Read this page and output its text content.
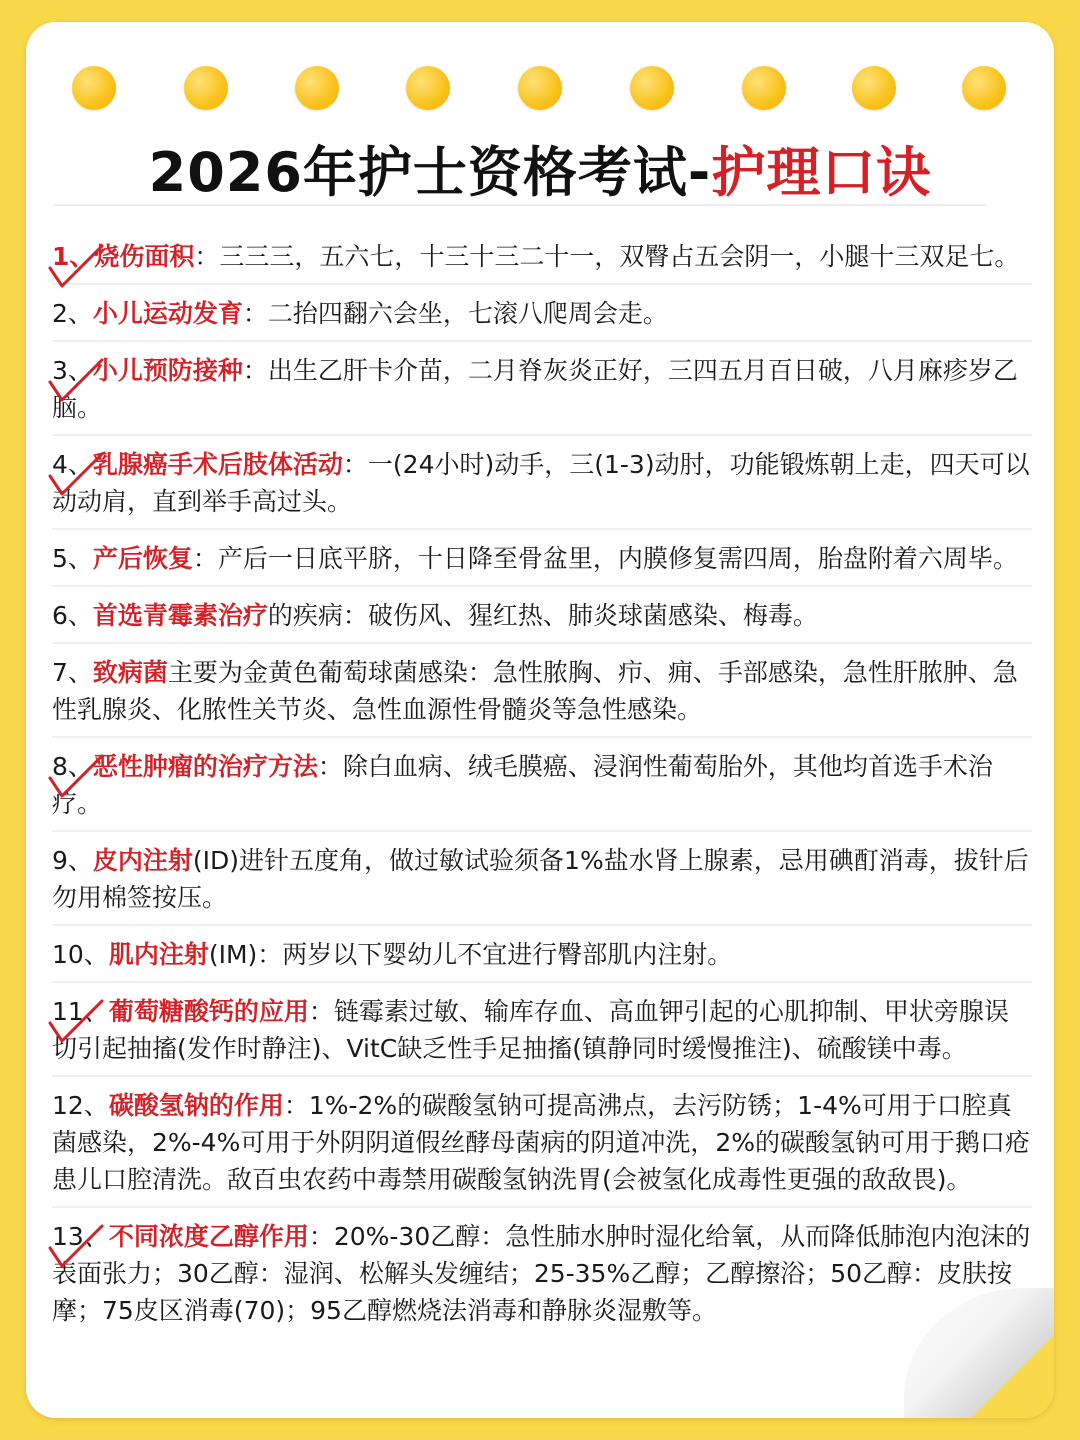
2026年护士资格考试-护理口诀
1、烧伤面积：三三三，五六七，十三十三二十一，双臀占五会阴一，小腿十三双足七。
2、小儿运动发育：二抬四翻六会坐，七滚八爬周会走。
3、小儿预防接种：出生乙肝卡介苗，二月脊灰炎正好，三四五月百日破，八月麻疹岁乙脑。
4、乳腺癌手术后肢体活动：一(24小时)动手，三(1-3)动肘，功能锻炼朝上走，四天可以动动肩，直到举手高过头。
5、产后恢复：产后一日底平脐，十日降至骨盆里，内膜修复需四周，胎盘附着六周毕。
6、首选青霉素治疗的疾病：破伤风、猩红热、肺炎球菌感染、梅毒。
7、致病菌主要为金黄色葡萄球菌感染：急性脓胸、疖、痈、手部感染，急性肝脓肿、急性乳腺炎、化脓性关节炎、急性血源性骨髓炎等急性感染。
8、恶性肿瘤的治疗方法：除白血病、绒毛膜癌、浸润性葡萄胎外，其他均首选手术治疗。
9、皮内注射(ID)进针五度角，做过敏试验须备1%盐水肾上腺素，忌用碘酊消毒，拔针后勿用棉签按压。
10、肌内注射(IM)：两岁以下婴幼儿不宜进行臀部肌内注射。
11、葡萄糖酸钙的应用：链霉素过敏、输库存血、高血钾引起的心肌抑制、甲状旁腺误切引起抽搐(发作时静注)、VitC缺乏性手足抽搐(镇静同时缓慢推注)、硫酸镁中毒。
12、碳酸氢钠的作用：1%-2%的碳酸氢钠可提高沸点，去污防锈；1-4%可用于口腔真菌感染，2%-4%可用于外阴阴道假丝酵母菌病的阴道冲洗，2%的碳酸氢钠可用于鹅口疮患儿口腔清洗。敌百虫农药中毒禁用碳酸氢钠洗胃(会被氢化成毒性更强的敌敌畏)。
13、不同浓度乙醇作用：20%-30乙醇：急性肺水肿时湿化给氧，从而降低肺泡内泡沫的表面张力；30乙醇：湿润、松解头发缠结；25-35%乙醇；乙醇擦浴；50乙醇：皮肤按摩；75皮区消毒(70)；95乙醇燃烧法消毒和静脉炎湿敷等。
